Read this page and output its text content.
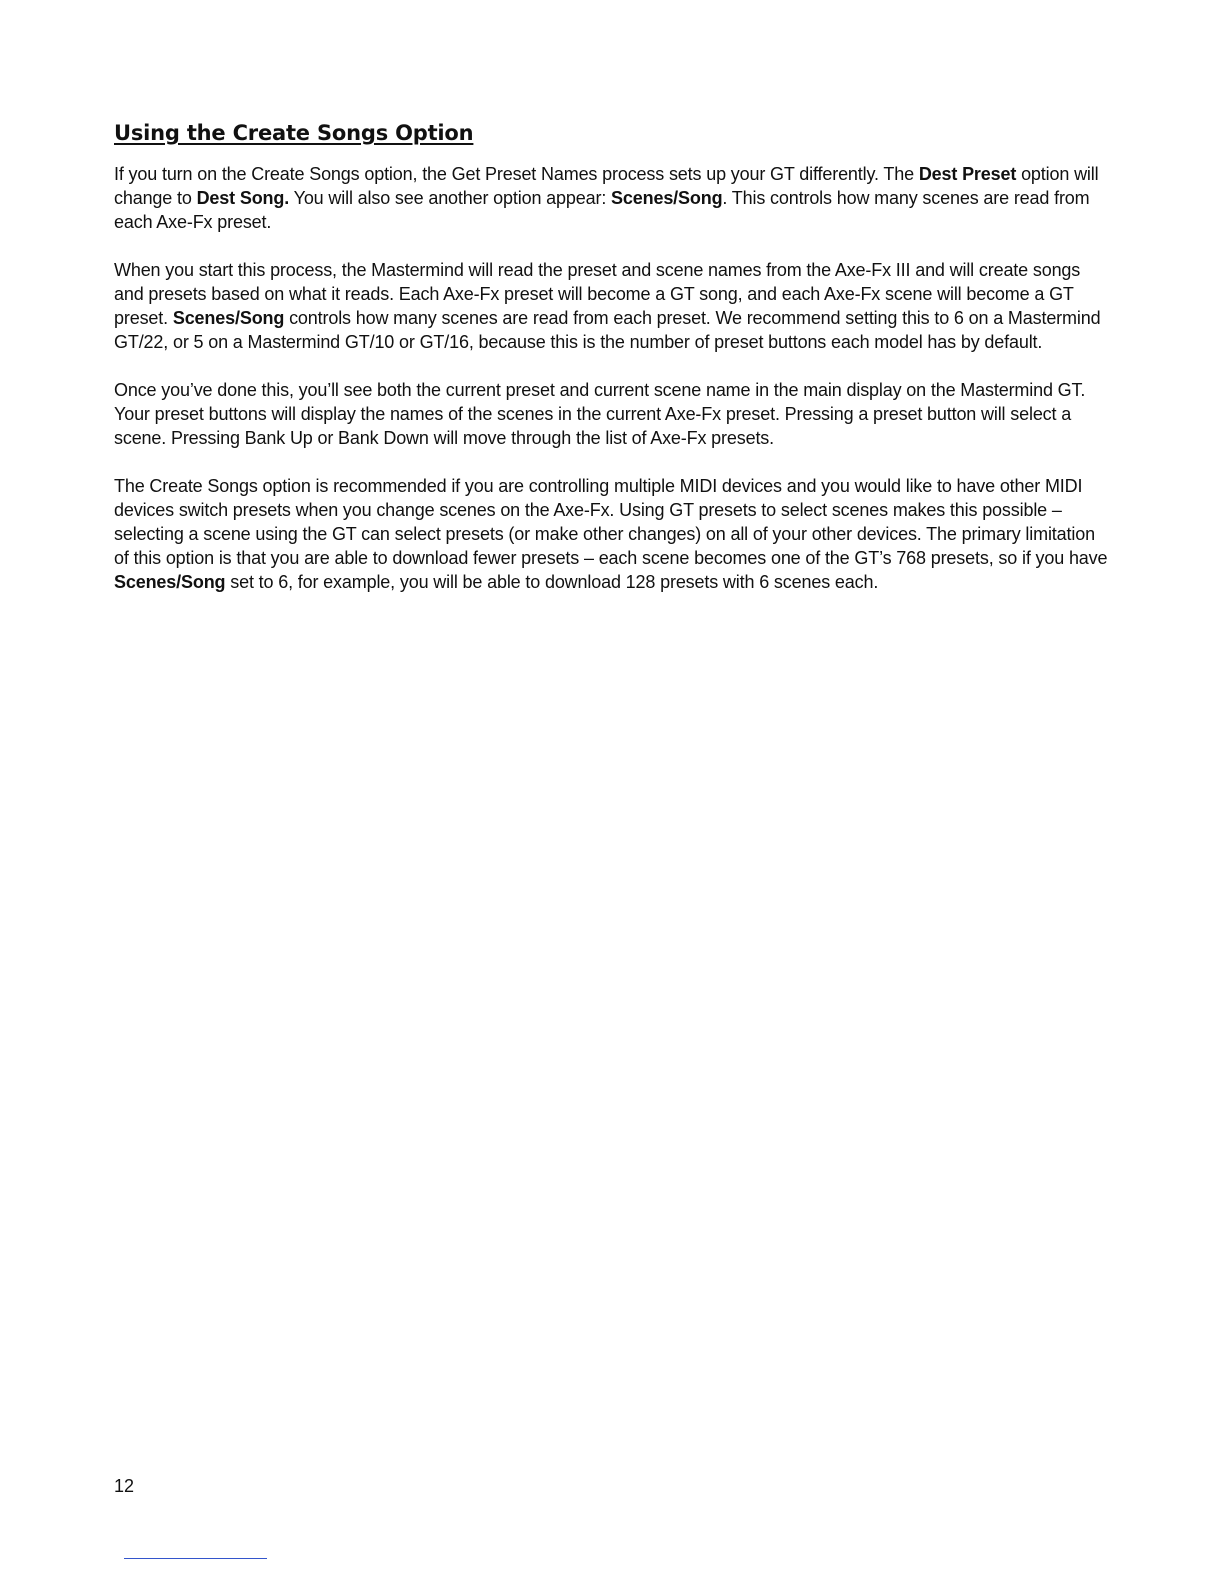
Using the Create Songs Option

If you turn on the Create Songs option, the Get Preset Names process sets up your GT differently. The Dest Preset option will change to Dest Song. You will also see another option appear: Scenes/Song. This controls how many scenes are read from each Axe-Fx preset.

When you start this process, the Mastermind will read the preset and scene names from the Axe-Fx III and will create songs and presets based on what it reads. Each Axe-Fx preset will become a GT song, and each Axe-Fx scene will become a GT preset. Scenes/Song controls how many scenes are read from each preset. We recommend setting this to 6 on a Mastermind GT/22, or 5 on a Mastermind GT/10 or GT/16, because this is the number of preset buttons each model has by default.

Once you’ve done this, you’ll see both the current preset and current scene name in the main display on the Mastermind GT. Your preset buttons will display the names of the scenes in the current Axe-Fx preset. Pressing a preset button will select a scene. Pressing Bank Up or Bank Down will move through the list of Axe-Fx presets.

The Create Songs option is recommended if you are controlling multiple MIDI devices and you would like to have other MIDI devices switch presets when you change scenes on the Axe-Fx. Using GT presets to select scenes makes this possible – selecting a scene using the GT can select presets (or make other changes) on all of your other devices. The primary limitation of this option is that you are able to download fewer presets – each scene becomes one of the GT’s 768 presets, so if you have Scenes/Song set to 6, for example, you will be able to download 128 presets with 6 scenes each.

12
